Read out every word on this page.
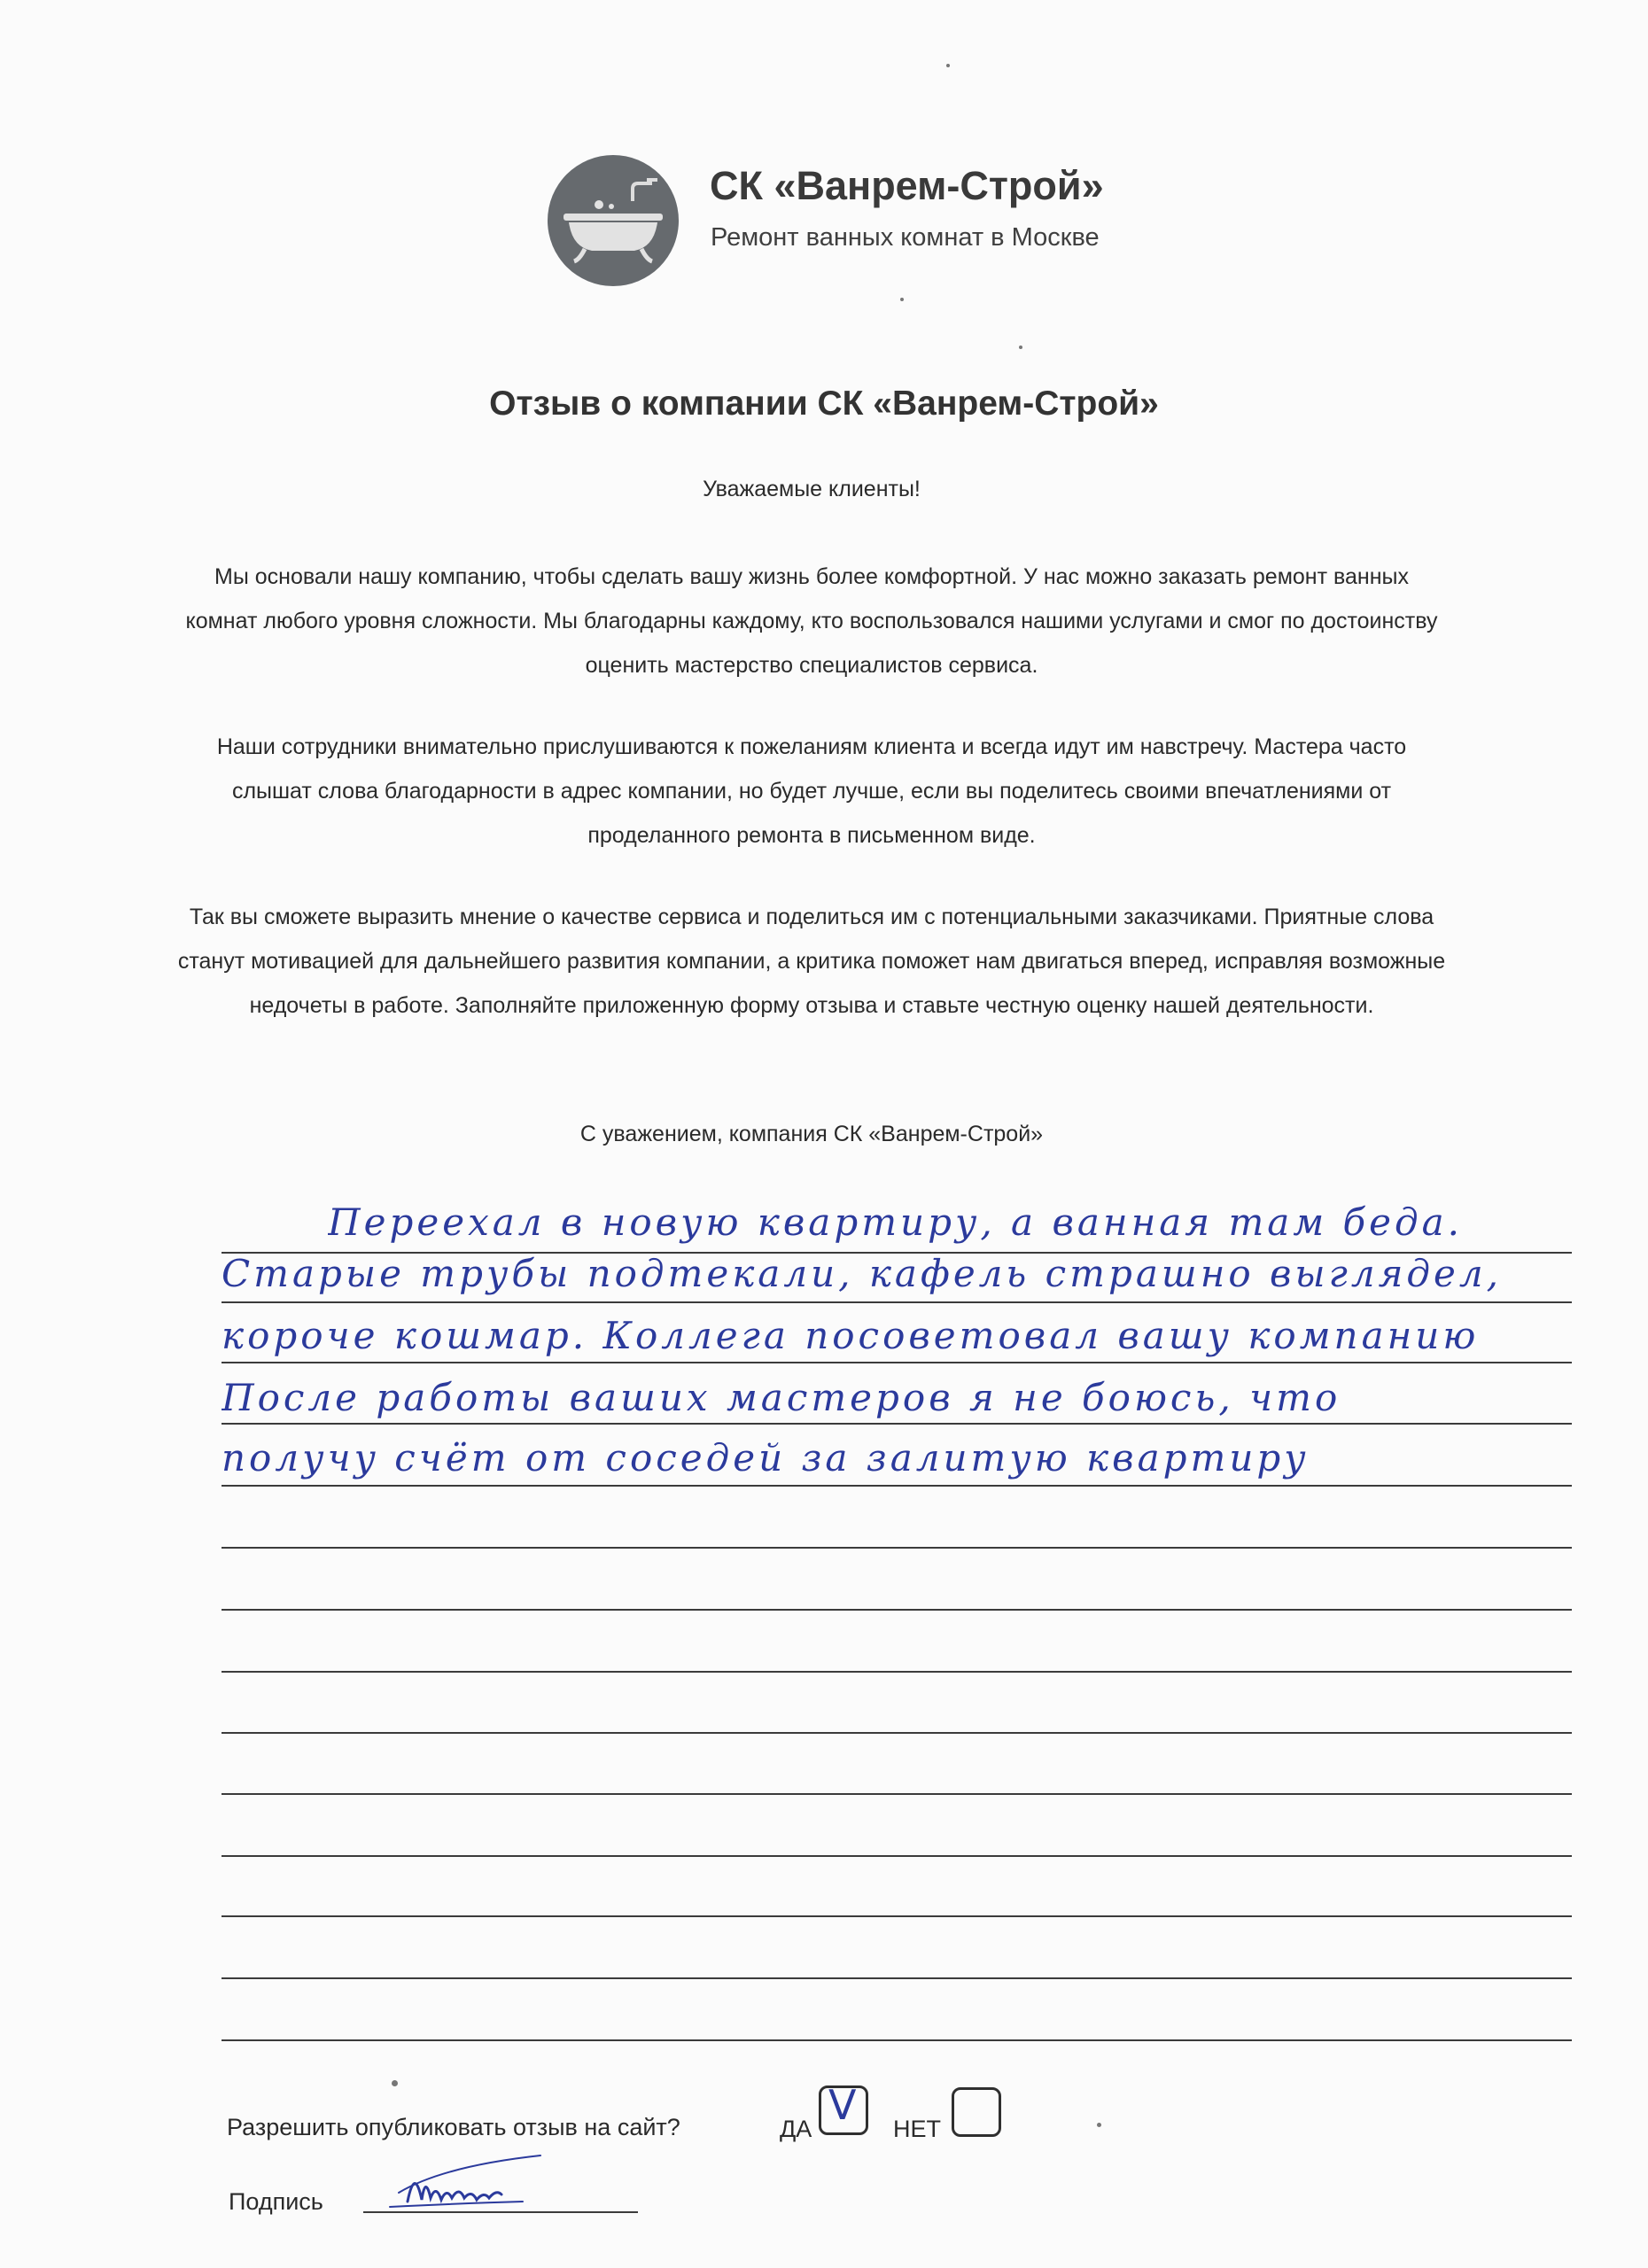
СК «Ванрем-Строй»
Ремонт ванных комнат в Москве
Отзыв о компании СК «Ванрем-Строй»
Уважаемые клиенты!
Мы основали нашу компанию, чтобы сделать вашу жизнь более комфортной. У нас можно заказать ремонт ванных комнат любого уровня сложности. Мы благодарны каждому, кто воспользовался нашими услугами и смог по достоинству оценить мастерство специалистов сервиса.
Наши сотрудники внимательно прислушиваются к пожеланиям клиента и всегда идут им навстречу. Мастера часто слышат слова благодарности в адрес компании, но будет лучше, если вы поделитесь своими впечатлениями от проделанного ремонта в письменном виде.
Так вы сможете выразить мнение о качестве сервиса и поделиться им с потенциальными заказчиками. Приятные слова станут мотивацией для дальнейшего развития компании, а критика поможет нам двигаться вперед, исправляя возможные недочеты в работе. Заполняйте приложенную форму отзыва и ставьте честную оценку нашей деятельности.
С уважением, компания СК «Ванрем-Строй»
Переехал в новую квартиру, а ванная там беда.
Старые трубы подтекали, кафель страшно выглядел,
короче кошмар. Коллега посоветовал вашу компанию
После работы ваших мастеров я не боюсь, что
получу счёт от соседей за залитую квартиру
Разрешить опубликовать отзыв на сайт?	ДА V НЕТ
Подпись
